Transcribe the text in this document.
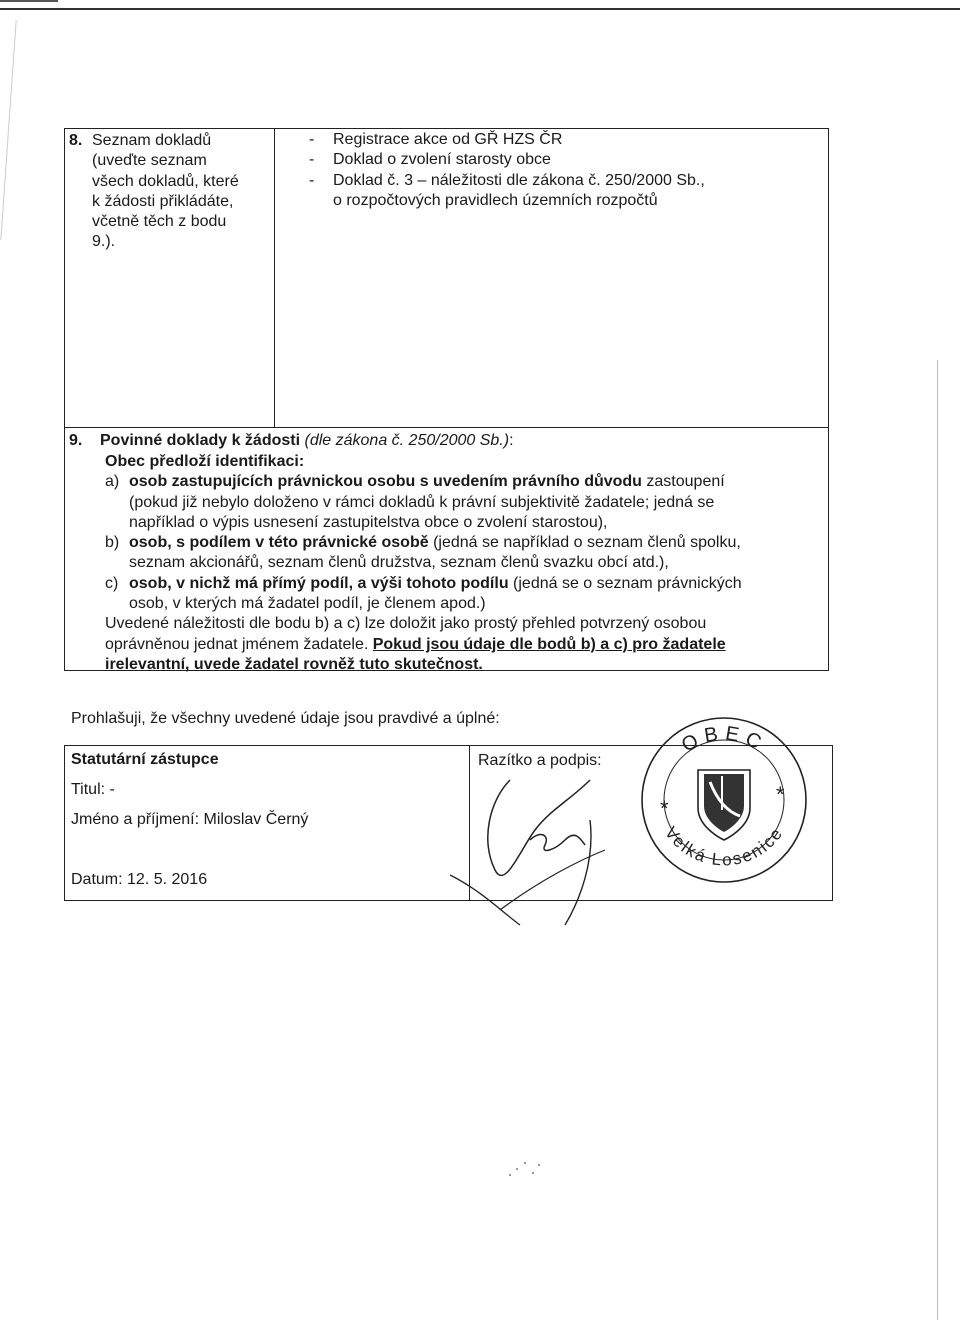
8. Seznam dokladů
(uveďte seznam
všech dokladů, které
k žádosti přikládáte,
včetně těch z bodu
9.).
-	Registrace akce od GŘ HZS ČR
-	Doklad o zvolení starosty obce
-	Doklad č. 3 – náležitosti dle zákona č. 250/2000 Sb.,
o rozpočtových pravidlech územních rozpočtů
9. Povinné doklady k žádosti (dle zákona č. 250/2000 Sb.):
Obec předloží identifikaci:
a) osob zastupujících právnickou osobu s uvedením právního důvodu zastoupení
(pokud již nebylo doloženo v rámci dokladů k právní subjektivitě žadatele; jedná se
například o výpis usnesení zastupitelstva obce o zvolení starostou),
b) osob, s podílem v této právnické osobě (jedná se například o seznam členů spolku,
seznam akcionářů, seznam členů družstva, seznam členů svazku obcí atd.),
c) osob, v nichž má přímý podíl, a výši tohoto podílu (jedná se o seznam právnických
osob, v kterých má žadatel podíl, je členem apod.)
Uvedené náležitosti dle bodu b) a c) lze doložit jako prostý přehled potvrzený osobou
oprávněnou jednat jménem žadatele. Pokud jsou údaje dle bodů b) a c) pro žadatele
irelevantní, uvede žadatel rovněž tuto skutečnost.
Prohlašuji, že všechny uvedené údaje jsou pravdivé a úplné:
Statutární zástupce
Titul: -
Jméno a příjmení: Miloslav Černý
Datum: 12. 5. 2016
Razítko a podpis:
OBEC
Velká Losenice
*
*
